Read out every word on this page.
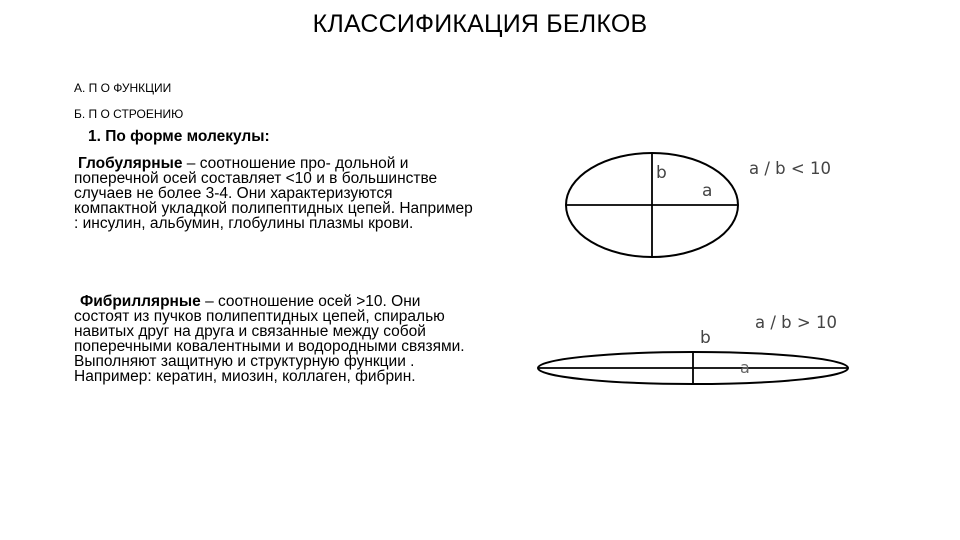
КЛАССИФИКАЦИЯ БЕЛКОВ
А. П О ФУНКЦИИ
Б. П О СТРОЕНИЮ
1. По форме молекулы:
Глобулярные – соотношение про- дольной и поперечной осей составляет <10 и в большинстве случаев не более 3-4. Они характеризуются компактной укладкой полипептидных цепей. Например : инсулин, альбумин, глобулины плазмы крови.
Фибриллярные – соотношение осей >10. Они состоят из пучков полипептидных цепей, спиралью навитых друг на друга и связанные между собой поперечными ковалентными и водородными связями. Выполняют защитную и структурную функции . Например: кератин, миозин, коллаген, фибрин.
b
a
a / b < 10
b
a
a / b > 10
